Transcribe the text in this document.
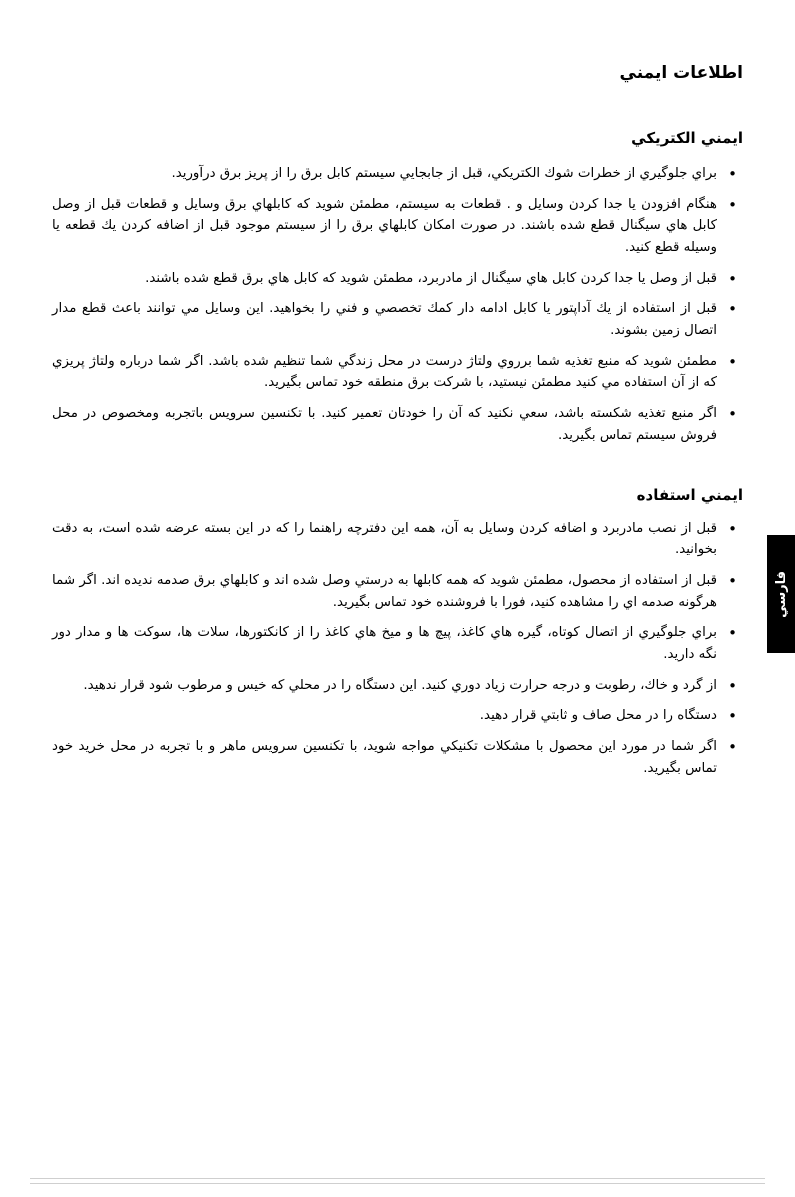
اطلاعات ايمني
ايمني الكتريكي
• براي جلوگيري از خطرات شوك الكتريكي، قبل از جابجايي سيستم كابل برق را از پريز برق درآوريد.
• هنگام افزودن يا جدا كردن وسايل و . قطعات به سيستم، مطمئن شويد كه كابلهاي برق وسايل و قطعات قبل از وصل كابل هاي سيگنال قطع شده باشند. در صورت امكان كابلهاي برق را از سيستم موجود قبل از اضافه كردن يك قطعه يا وسيله قطع كنيد.
• قبل از وصل يا جدا كردن كابل هاي سيگنال از مادربرد، مطمئن شويد كه كابل هاي برق قطع شده باشند.
• قبل از استفاده از يك آداپتور يا كابل ادامه دار كمك تخصصي و فني را بخواهيد. اين وسايل مي توانند باعث قطع مدار اتصال زمين بشوند.
• مطمئن شويد كه منبع تغذيه شما برروي ولتاژ درست در محل زندگي شما تنظيم شده باشد. اگر شما درباره ولتاژ پريزي كه از آن استفاده مي كنيد مطمئن نيستيد، با شركت برق منطقه خود تماس بگيريد.
• اگر منبع تغذيه شكسته باشد، سعي نكنيد كه آن را خودتان تعمير كنيد. با تكنسين سرويس باتجربه ومخصوص در محل فروش سيستم تماس بگيريد.
ايمني استفاده
• قبل از نصب مادربرد و اضافه كردن وسايل به آن، همه اين دفترچه راهنما را كه در اين بسته عرضه شده است، به دقت بخوانيد.
• قبل از استفاده از محصول، مطمئن شويد كه همه كابلها به درستي وصل شده اند و كابلهاي برق صدمه نديده اند. اگر شما هرگونه صدمه اي را مشاهده كنيد، فورا با فروشنده خود تماس بگيريد.
• براي جلوگيري از اتصال كوتاه، گيره هاي كاغذ، پيچ ها و ميخ هاي كاغذ را از كانكتورها، سلات ها، سوكت ها و مدار دور نگه داريد.
• از گرد و خاك، رطوبت و درجه حرارت زياد دوري كنيد. اين دستگاه را در محلي كه خيس و مرطوب شود قرار ندهيد.
• دستگاه را در محل صاف و ثابتي قرار دهيد.
• اگر شما در مورد اين محصول با مشكلات تكنيكي مواجه شويد، با تكنسين سرويس ماهر و با تجربه در محل خريد خود تماس بگيريد.
فارسي
